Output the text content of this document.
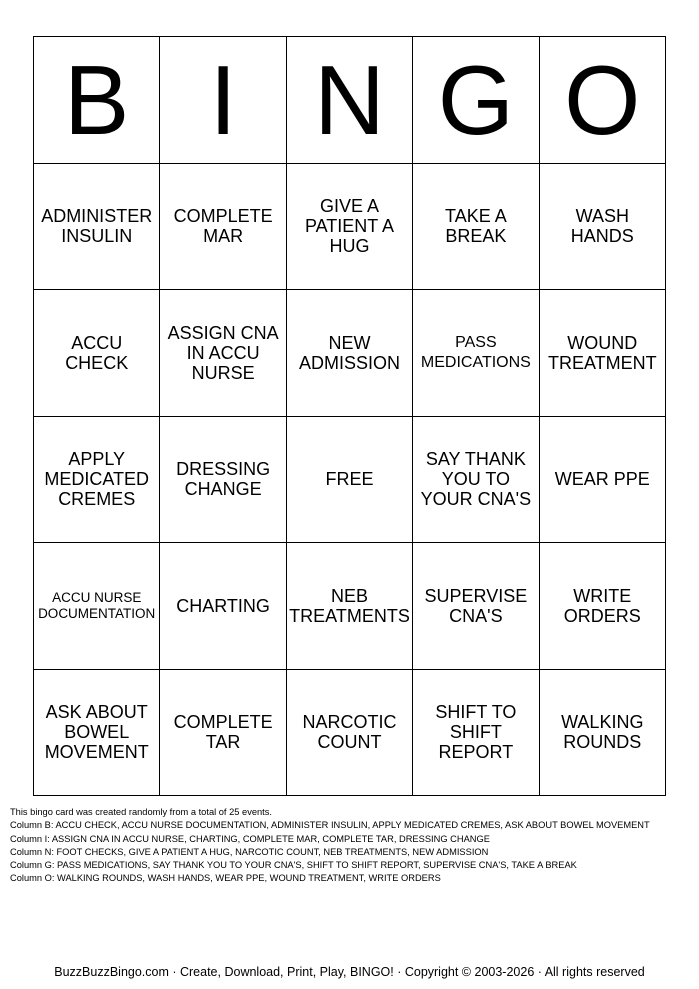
B I N G O
ADMINISTER INSULIN
COMPLETE MAR
GIVE A PATIENT A HUG
TAKE A BREAK
WASH HANDS
ACCU CHECK
ASSIGN CNA IN ACCU NURSE
NEW ADMISSION
PASS MEDICATIONS
WOUND TREATMENT
APPLY MEDICATED CREMES
DRESSING CHANGE	FREE
SAY THANK YOU TO YOUR CNA'S
WEAR PPE
ACCU NURSE DOCUMENTATION CHARTING	NEB TREATMENTS
SUPERVISE CNA'S
WRITE ORDERS
ASK ABOUT BOWEL MOVEMENT
COMPLETE TAR
NARCOTIC COUNT
SHIFT TO SHIFT REPORT
WALKING ROUNDS
This bingo card was created randomly from a total of 25 events.
Column B: ACCU CHECK, ACCU NURSE DOCUMENTATION, ADMINISTER INSULIN, APPLY MEDICATED CREMES, ASK ABOUT BOWEL MOVEMENT
Column I: ASSIGN CNA IN ACCU NURSE, CHARTING, COMPLETE MAR, COMPLETE TAR, DRESSING CHANGE
Column N: FOOT CHECKS, GIVE A PATIENT A HUG, NARCOTIC COUNT, NEB TREATMENTS, NEW ADMISSION
Column G: PASS MEDICATIONS, SAY THANK YOU TO YOUR CNA'S, SHIFT TO SHIFT REPORT, SUPERVISE CNA'S, TAKE A BREAK
Column O: WALKING ROUNDS, WASH HANDS, WEAR PPE, WOUND TREATMENT, WRITE ORDERS
BuzzBuzzBingo.com · Create, Download, Print, Play, BINGO! · Copyright © 2003-2026 · All rights reserved
